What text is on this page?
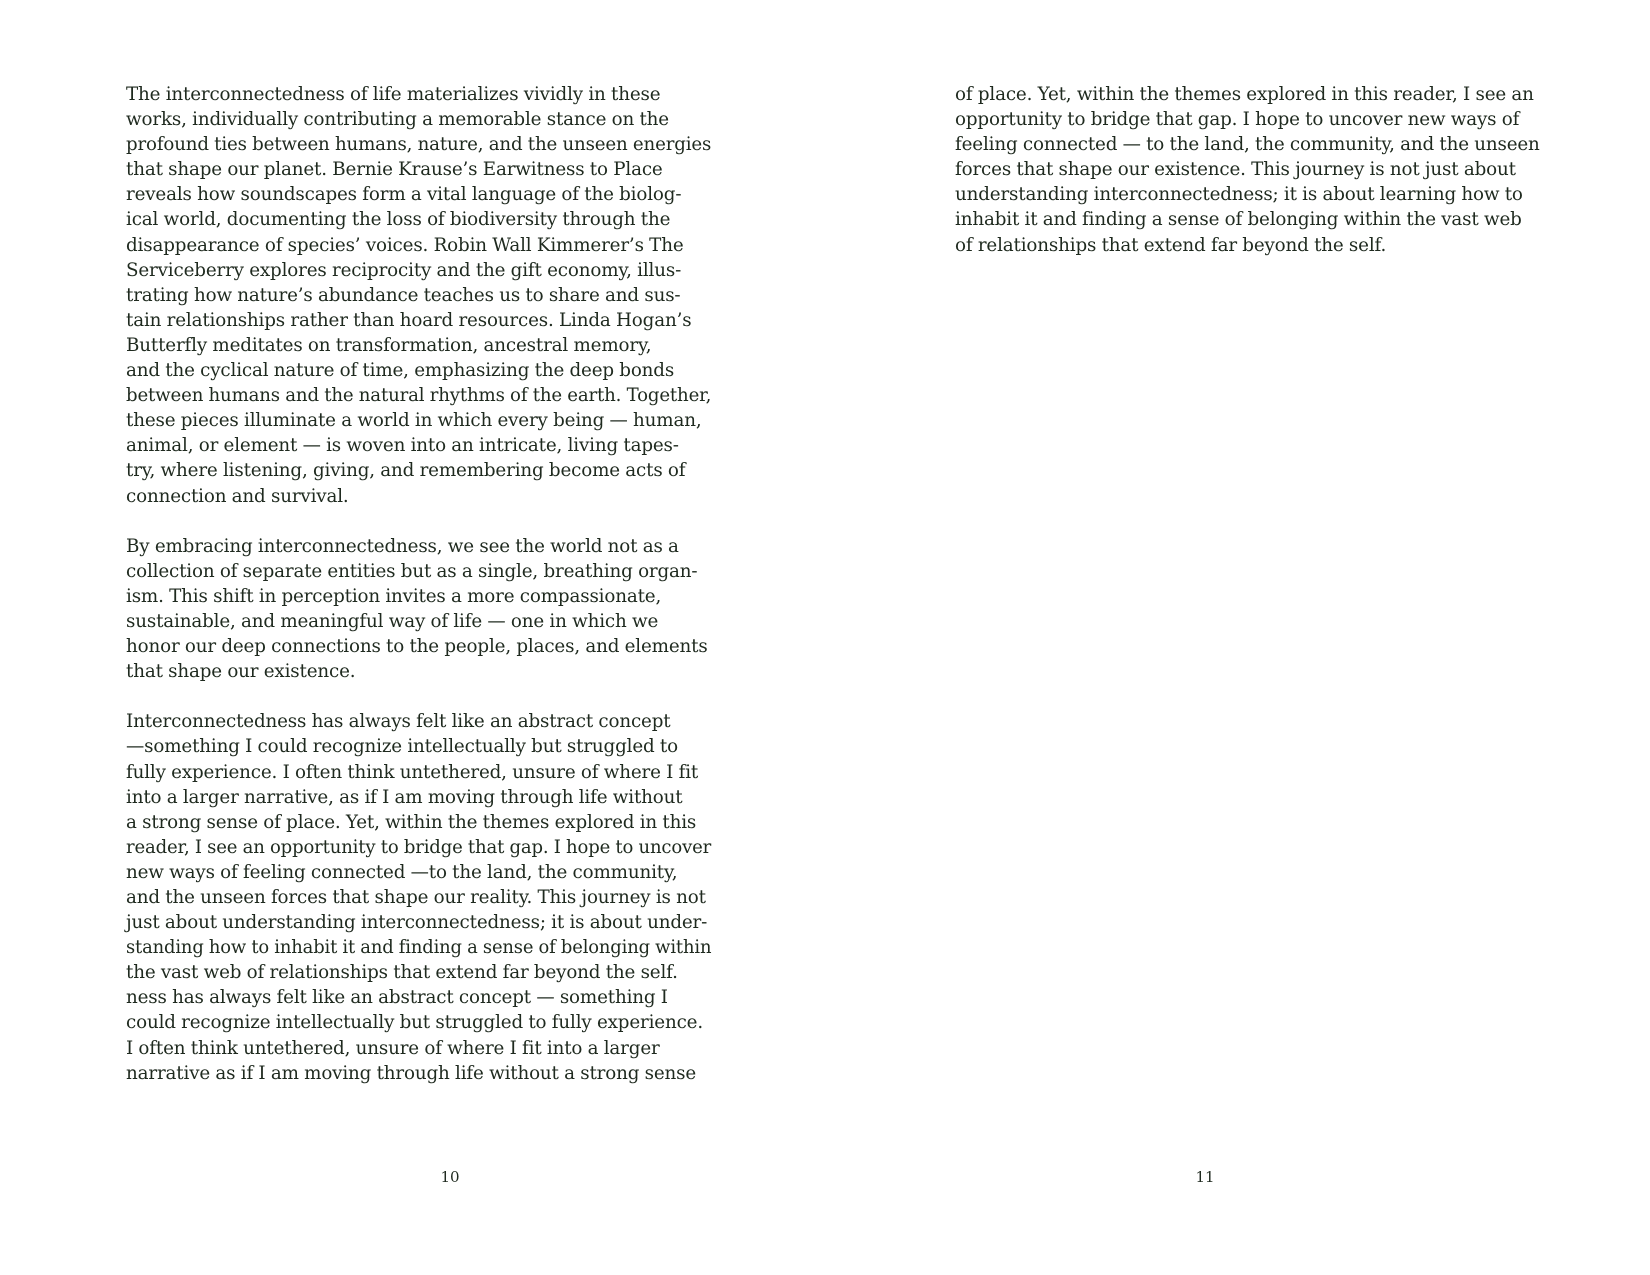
The interconnectedness of life materializes vividly in these
works, individually contributing a memorable stance on the
profound ties between humans, nature, and the unseen energies
that shape our planet. Bernie Krause’s Earwitness to Place
reveals how soundscapes form a vital language of the biolog-
ical world, documenting the loss of biodiversity through the
disappearance of species’ voices. Robin Wall Kimmerer’s The
Serviceberry explores reciprocity and the gift economy, illus-
trating how nature’s abundance teaches us to share and sus-
tain relationships rather than hoard resources. Linda Hogan’s
Butterfly meditates on transformation, ancestral memory,
and the cyclical nature of time, emphasizing the deep bonds
between humans and the natural rhythms of the earth. Together,
these pieces illuminate a world in which every being — human,
animal, or element — is woven into an intricate, living tapes-
try, where listening, giving, and remembering become acts of
connection and survival.

By embracing interconnectedness, we see the world not as a
collection of separate entities but as a single, breathing organ-
ism. This shift in perception invites a more compassionate,
sustainable, and meaningful way of life — one in which we
honor our deep connections to the people, places, and elements
that shape our existence.

Interconnectedness has always felt like an abstract concept
—something I could recognize intellectually but struggled to
fully experience. I often think untethered, unsure of where I fit
into a larger narrative, as if I am moving through life without
a strong sense of place. Yet, within the themes explored in this
reader, I see an opportunity to bridge that gap. I hope to uncover
new ways of feeling connected —to the land, the community,
and the unseen forces that shape our reality. This journey is not
just about understanding interconnectedness; it is about under-
standing how to inhabit it and finding a sense of belonging within
the vast web of relationships that extend far beyond the self.
ness has always felt like an abstract concept — something I
could recognize intellectually but struggled to fully experience.
I often think untethered, unsure of where I fit into a larger
narrative as if I am moving through life without a strong sense

10

of place. Yet, within the themes explored in this reader, I see an
opportunity to bridge that gap. I hope to uncover new ways of
feeling connected — to the land, the community, and the unseen
forces that shape our existence. This journey is not just about
understanding interconnectedness; it is about learning how to
inhabit it and finding a sense of belonging within the vast web
of relationships that extend far beyond the self.

11
